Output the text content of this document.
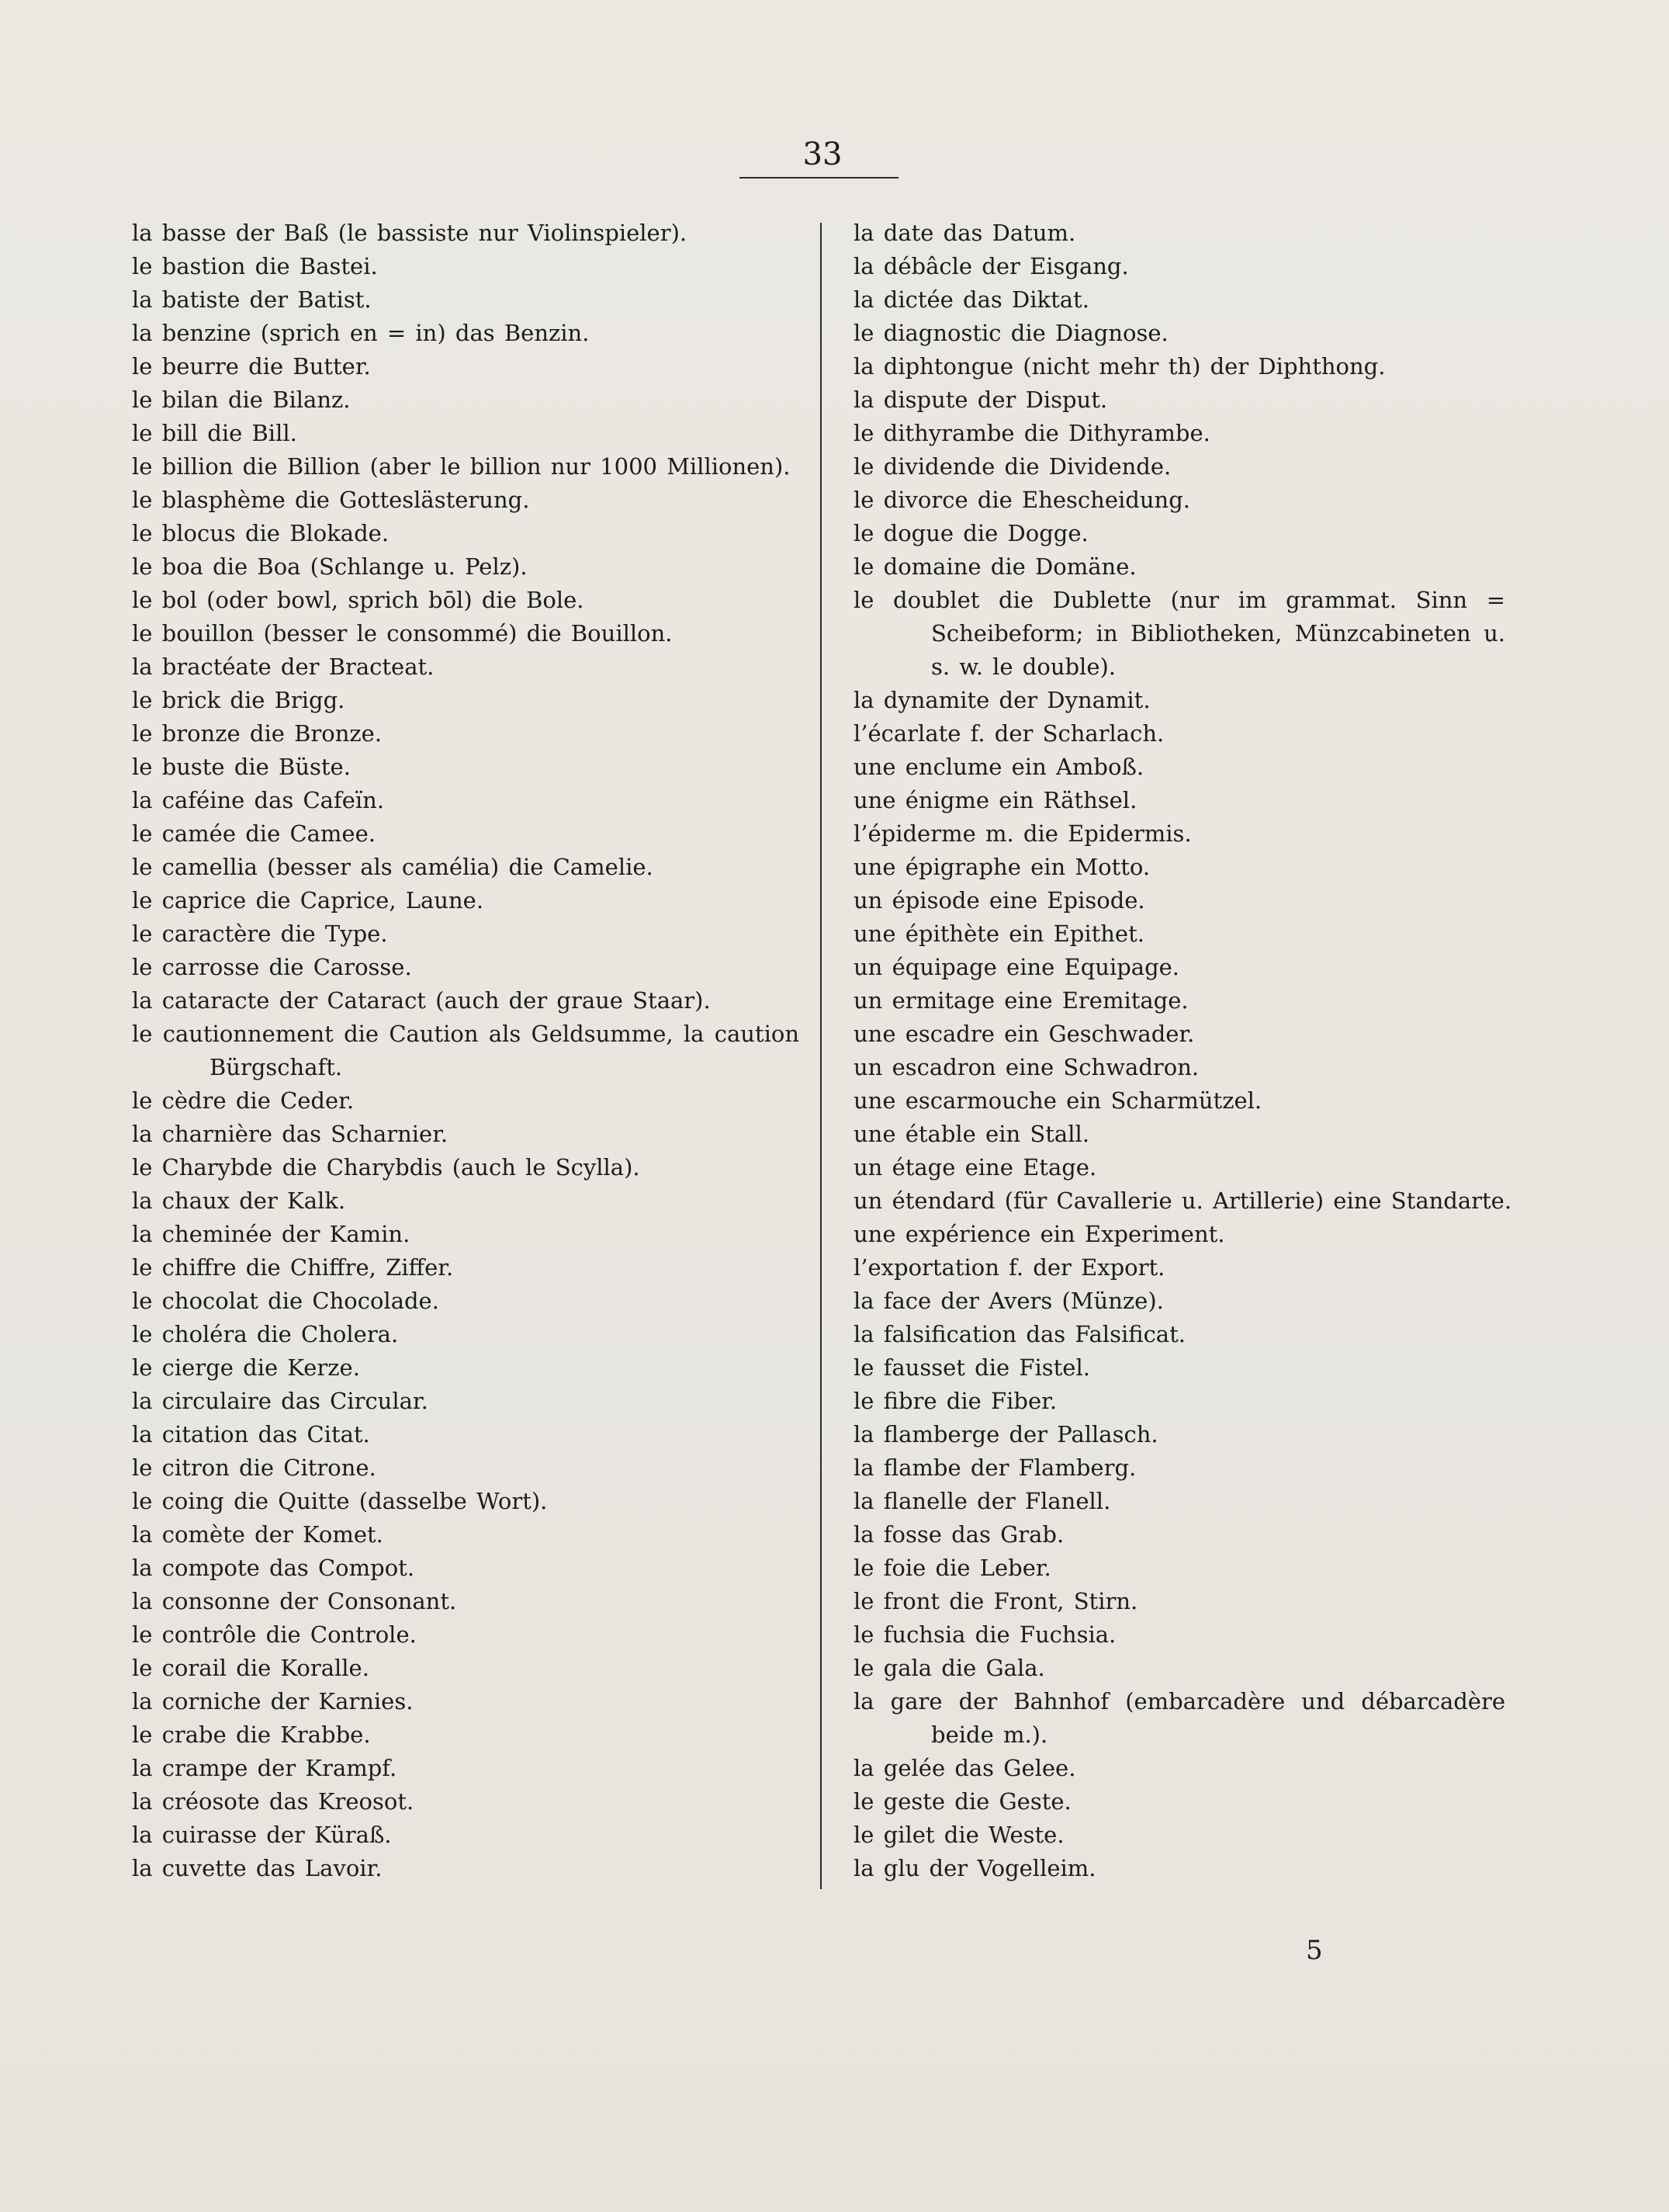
33
la basse der Baß (le bassiste nur Violinspieler).
le bastion die Bastei.
la batiste der Batist.
la benzine (sprich en = in) das Benzin.
le beurre die Butter.
le bilan die Bilanz.
le bill die Bill.
le billion die Billion (aber le billion nur 1000 Millionen).
le blasphème die Gotteslästerung.
le blocus die Blokade.
le boa die Boa (Schlange u. Pelz).
le bol (oder bowl, sprich bōl) die Bole.
le bouillon (besser le consommé) die Bouillon.
la bractéate der Bracteat.
le brick die Brigg.
le bronze die Bronze.
le buste die Büste.
la caféine das Cafeïn.
le camée die Camee.
le camellia (besser als camélia) die Camelie.
le caprice die Caprice, Laune.
le caractère die Type.
le carrosse die Carosse.
la cataracte der Cataract (auch der graue Staar).
le cautionnement die Caution als Geldsumme, la caution Bürgschaft.
le cèdre die Ceder.
la charnière das Scharnier.
le Charybde die Charybdis (auch le Scylla).
la chaux der Kalk.
la cheminée der Kamin.
le chiffre die Chiffre, Ziffer.
le chocolat die Chocolade.
le choléra die Cholera.
le cierge die Kerze.
la circulaire das Circular.
la citation das Citat.
le citron die Citrone.
le coing die Quitte (dasselbe Wort).
la comète der Komet.
la compote das Compot.
la consonne der Consonant.
le contrôle die Controle.
le corail die Koralle.
la corniche der Karnies.
le crabe die Krabbe.
la crampe der Krampf.
la créosote das Kreosot.
la cuirasse der Küraß.
la cuvette das Lavoir.
la date das Datum.
la débâcle der Eisgang.
la dictée das Diktat.
le diagnostic die Diagnose.
la diphtongue (nicht mehr th) der Diphthong.
la dispute der Disput.
le dithyrambe die Dithyrambe.
le dividende die Dividende.
le divorce die Ehescheidung.
le dogue die Dogge.
le domaine die Domäne.
le doublet die Dublette (nur im grammat. Sinn = Scheibeform; in Bibliotheken, Münzcabineten u. s. w. le double).
la dynamite der Dynamit.
l’écarlate f. der Scharlach.
une enclume ein Amboß.
une énigme ein Räthsel.
l’épiderme m. die Epidermis.
une épigraphe ein Motto.
un épisode eine Episode.
une épithète ein Epithet.
un équipage eine Equipage.
un ermitage eine Eremitage.
une escadre ein Geschwader.
un escadron eine Schwadron.
une escarmouche ein Scharmützel.
une étable ein Stall.
un étage eine Etage.
un étendard (für Cavallerie u. Artillerie) eine Standarte.
une expérience ein Experiment.
l’exportation f. der Export.
la face der Avers (Münze).
la falsification das Falsificat.
le fausset die Fistel.
le fibre die Fiber.
la flamberge der Pallasch.
la flambe der Flamberg.
la flanelle der Flanell.
la fosse das Grab.
le foie die Leber.
le front die Front, Stirn.
le fuchsia die Fuchsia.
le gala die Gala.
la gare der Bahnhof (embarcadère und débarcadère beide m.).
la gelée das Gelee.
le geste die Geste.
le gilet die Weste.
la glu der Vogelleim.
5
